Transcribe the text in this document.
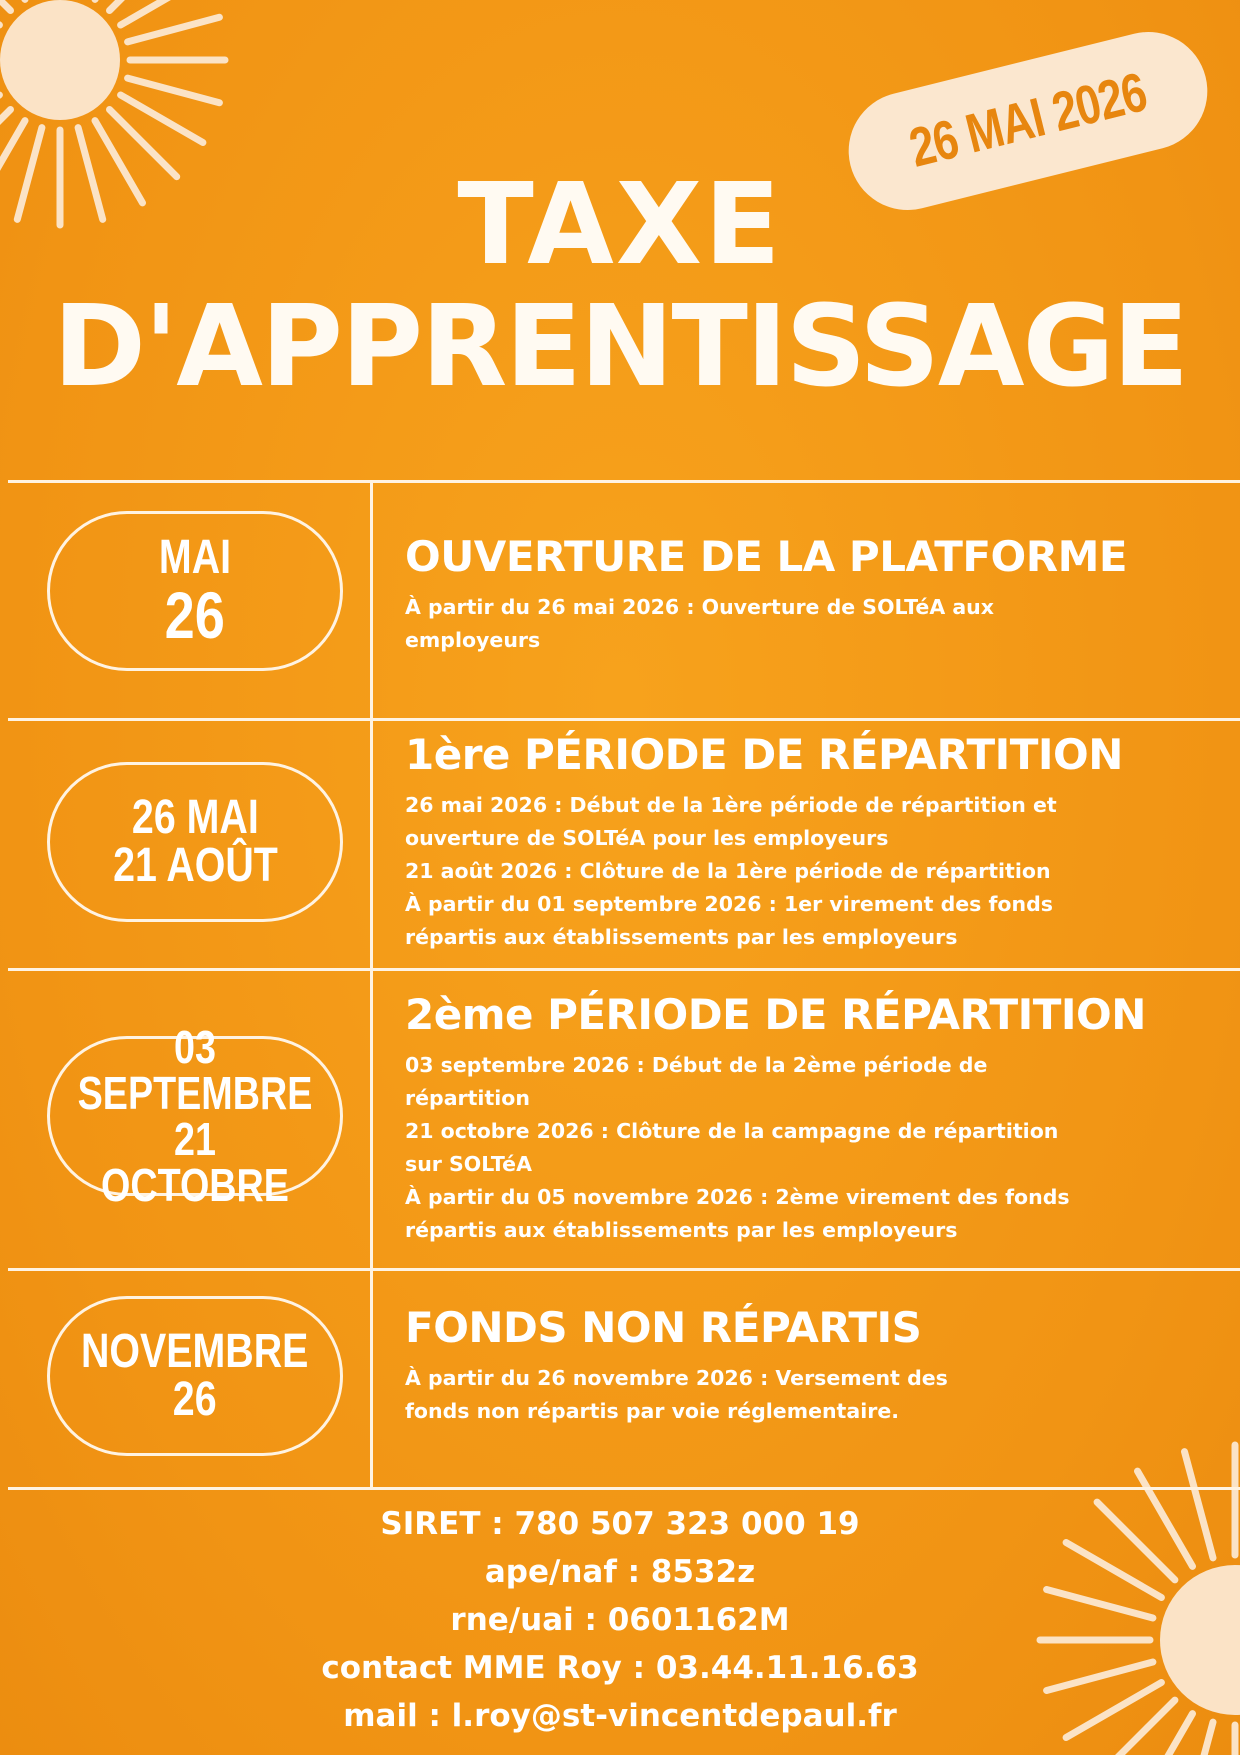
26 MAI 2026
TAXE
D'APPRENTISSAGE
MAI
26
OUVERTURE DE LA PLATFORME

À partir du 26 mai 2026 : Ouverture de SOLTéA aux

employeurs

26 MAI
21 AOÛT
1ère PÉRIODE DE RÉPARTITION

26 mai 2026 : Début de la 1ère période de répartition et

ouverture de SOLTéA pour les employeurs

21 août 2026 : Clôture de la 1ère période de répartition

À partir du 01 septembre 2026 : 1er virement des fonds

répartis aux établissements par les employeurs

03 SEPTEMBRE
21 OCTOBRE
2ème PÉRIODE DE RÉPARTITION

03 septembre 2026 : Début de la 2ème période de

répartition

21 octobre 2026 : Clôture de la campagne de répartition

sur SOLTéA

À partir du 05 novembre 2026 : 2ème virement des fonds

répartis aux établissements par les employeurs

NOVEMBRE
26
FONDS NON RÉPARTIS

À partir du 26 novembre 2026 : Versement des

fonds non répartis par voie réglementaire.

SIRET : 780 507 323 000 19
ape/naf : 8532z
rne/uai : 0601162M
contact MME Roy : 03.44.11.16.63
mail : l.roy@st-vincentdepaul.fr
